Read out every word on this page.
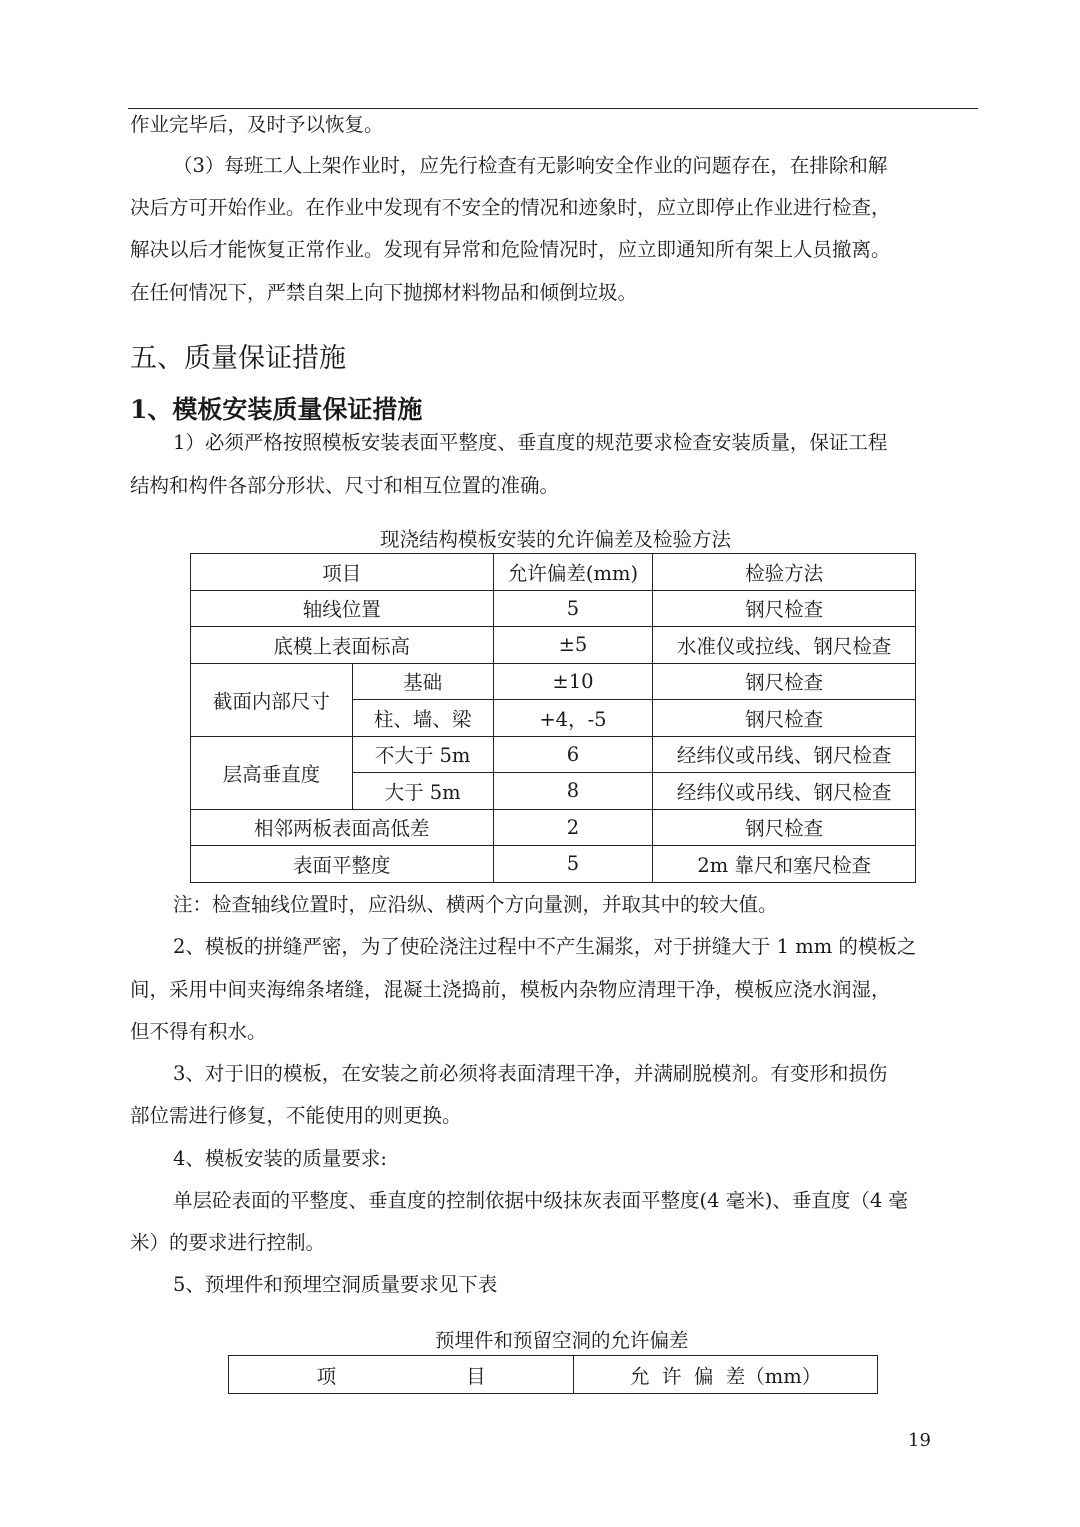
作业完毕后，及时予以恢复。
（3）每班工人上架作业时，应先行检查有无影响安全作业的问题存在，在排除和解
决后方可开始作业。在作业中发现有不安全的情况和迹象时，应立即停止作业进行检查，
解决以后才能恢复正常作业。发现有异常和危险情况时，应立即通知所有架上人员撤离。
在任何情况下，严禁自架上向下抛掷材料物品和倾倒垃圾。
五、质量保证措施
1、模板安装质量保证措施
1）必须严格按照模板安装表面平整度、垂直度的规范要求检查安装质量，保证工程
结构和构件各部分形状、尺寸和相互位置的准确。
现浇结构模板安装的允许偏差及检验方法
项目		允许偏差(mm)	检验方法
轴线位置		5	钢尺检查
底模上表面标高		±5	水准仪或拉线、钢尺检查
截面内部尺寸	基础	±10	钢尺检查
	柱、墙、梁	+4，-5	钢尺检查
层高垂直度	不大于 5m	6	经纬仪或吊线、钢尺检查
	大于 5m	8	经纬仪或吊线、钢尺检查
相邻两板表面高低差		2	钢尺检查
表面平整度		5	2m 靠尺和塞尺检查
注：检查轴线位置时，应沿纵、横两个方向量测，并取其中的较大值。
2、模板的拼缝严密，为了使砼浇注过程中不产生漏浆，对于拼缝大于 1 mm 的模板之
间，采用中间夹海绵条堵缝，混凝土浇捣前，模板内杂物应清理干净，模板应浇水润湿，
但不得有积水。
3、对于旧的模板，在安装之前必须将表面清理干净，并满刷脱模剂。有变形和损伤
部位需进行修复，不能使用的则更换。
4、模板安装的质量要求:
单层砼表面的平整度、垂直度的控制依据中级抹灰表面平整度(4 毫米)、垂直度（4 毫
米）的要求进行控制。
5、预埋件和预埋空洞质量要求见下表
预埋件和预留空洞的允许偏差
项	目	允  许  偏  差（mm）
19
